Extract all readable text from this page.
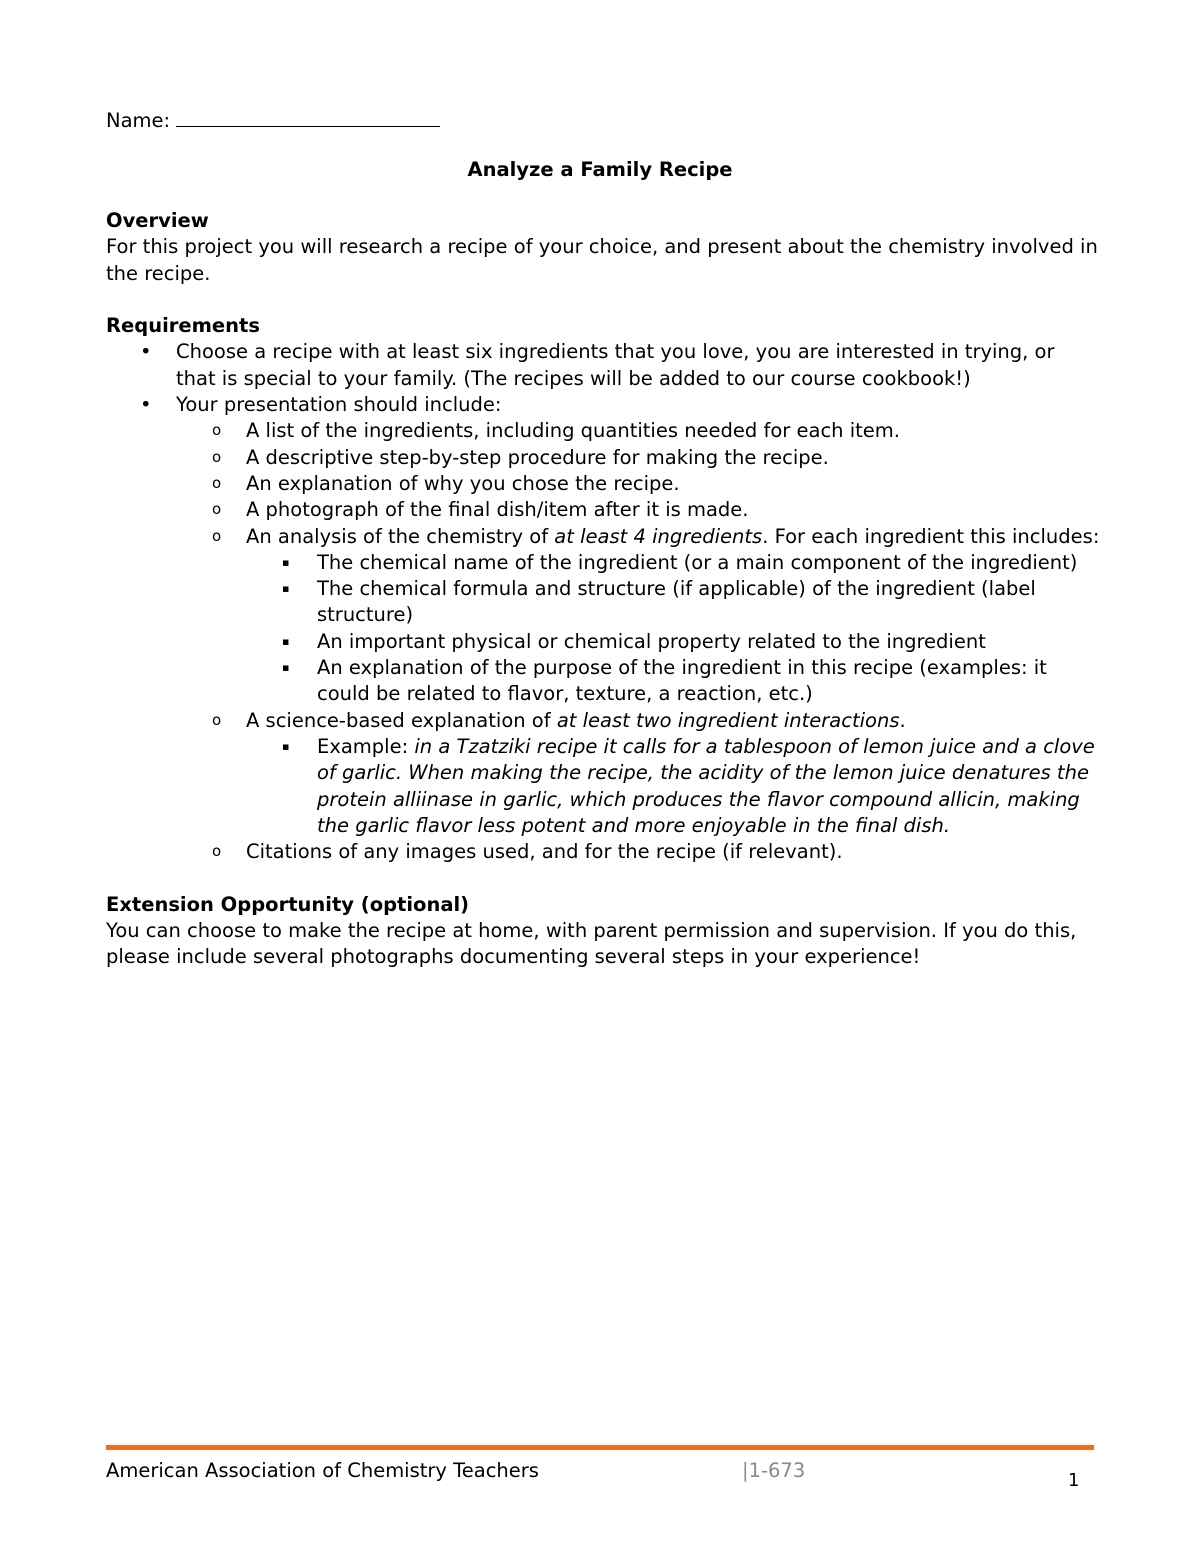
Name:
Analyze a Family Recipe

Overview

For this project you will research a recipe of your choice, and present about the chemistry involved in the recipe.

Requirements

• Choose a recipe with at least six ingredients that you love, you are interested in trying, or that is special to your family. (The recipes will be added to our course cookbook!)
• Your presentation should include:
o A list of the ingredients, including quantities needed for each item.
o A descriptive step-by-step procedure for making the recipe.
o An explanation of why you chose the recipe.
o A photograph of the final dish/item after it is made.
o An analysis of the chemistry of at least 4 ingredients. For each ingredient this includes:
▪ The chemical name of the ingredient (or a main component of the ingredient)
▪ The chemical formula and structure (if applicable) of the ingredient (label structure)
▪ An important physical or chemical property related to the ingredient
▪ An explanation of the purpose of the ingredient in this recipe (examples: it could be related to flavor, texture, a reaction, etc.)
o A science-based explanation of at least two ingredient interactions.
▪ Example: in a Tzatziki recipe it calls for a tablespoon of lemon juice and a clove of garlic. When making the recipe, the acidity of the lemon juice denatures the protein alliinase in garlic, which produces the flavor compound allicin, making the garlic flavor less potent and more enjoyable in the final dish.
o Citations of any images used, and for the recipe (if relevant).

Extension Opportunity (optional)

You can choose to make the recipe at home, with parent permission and supervision. If you do this, please include several photographs documenting several steps in your experience!

American Association of Chemistry Teachers	|1-673	1
